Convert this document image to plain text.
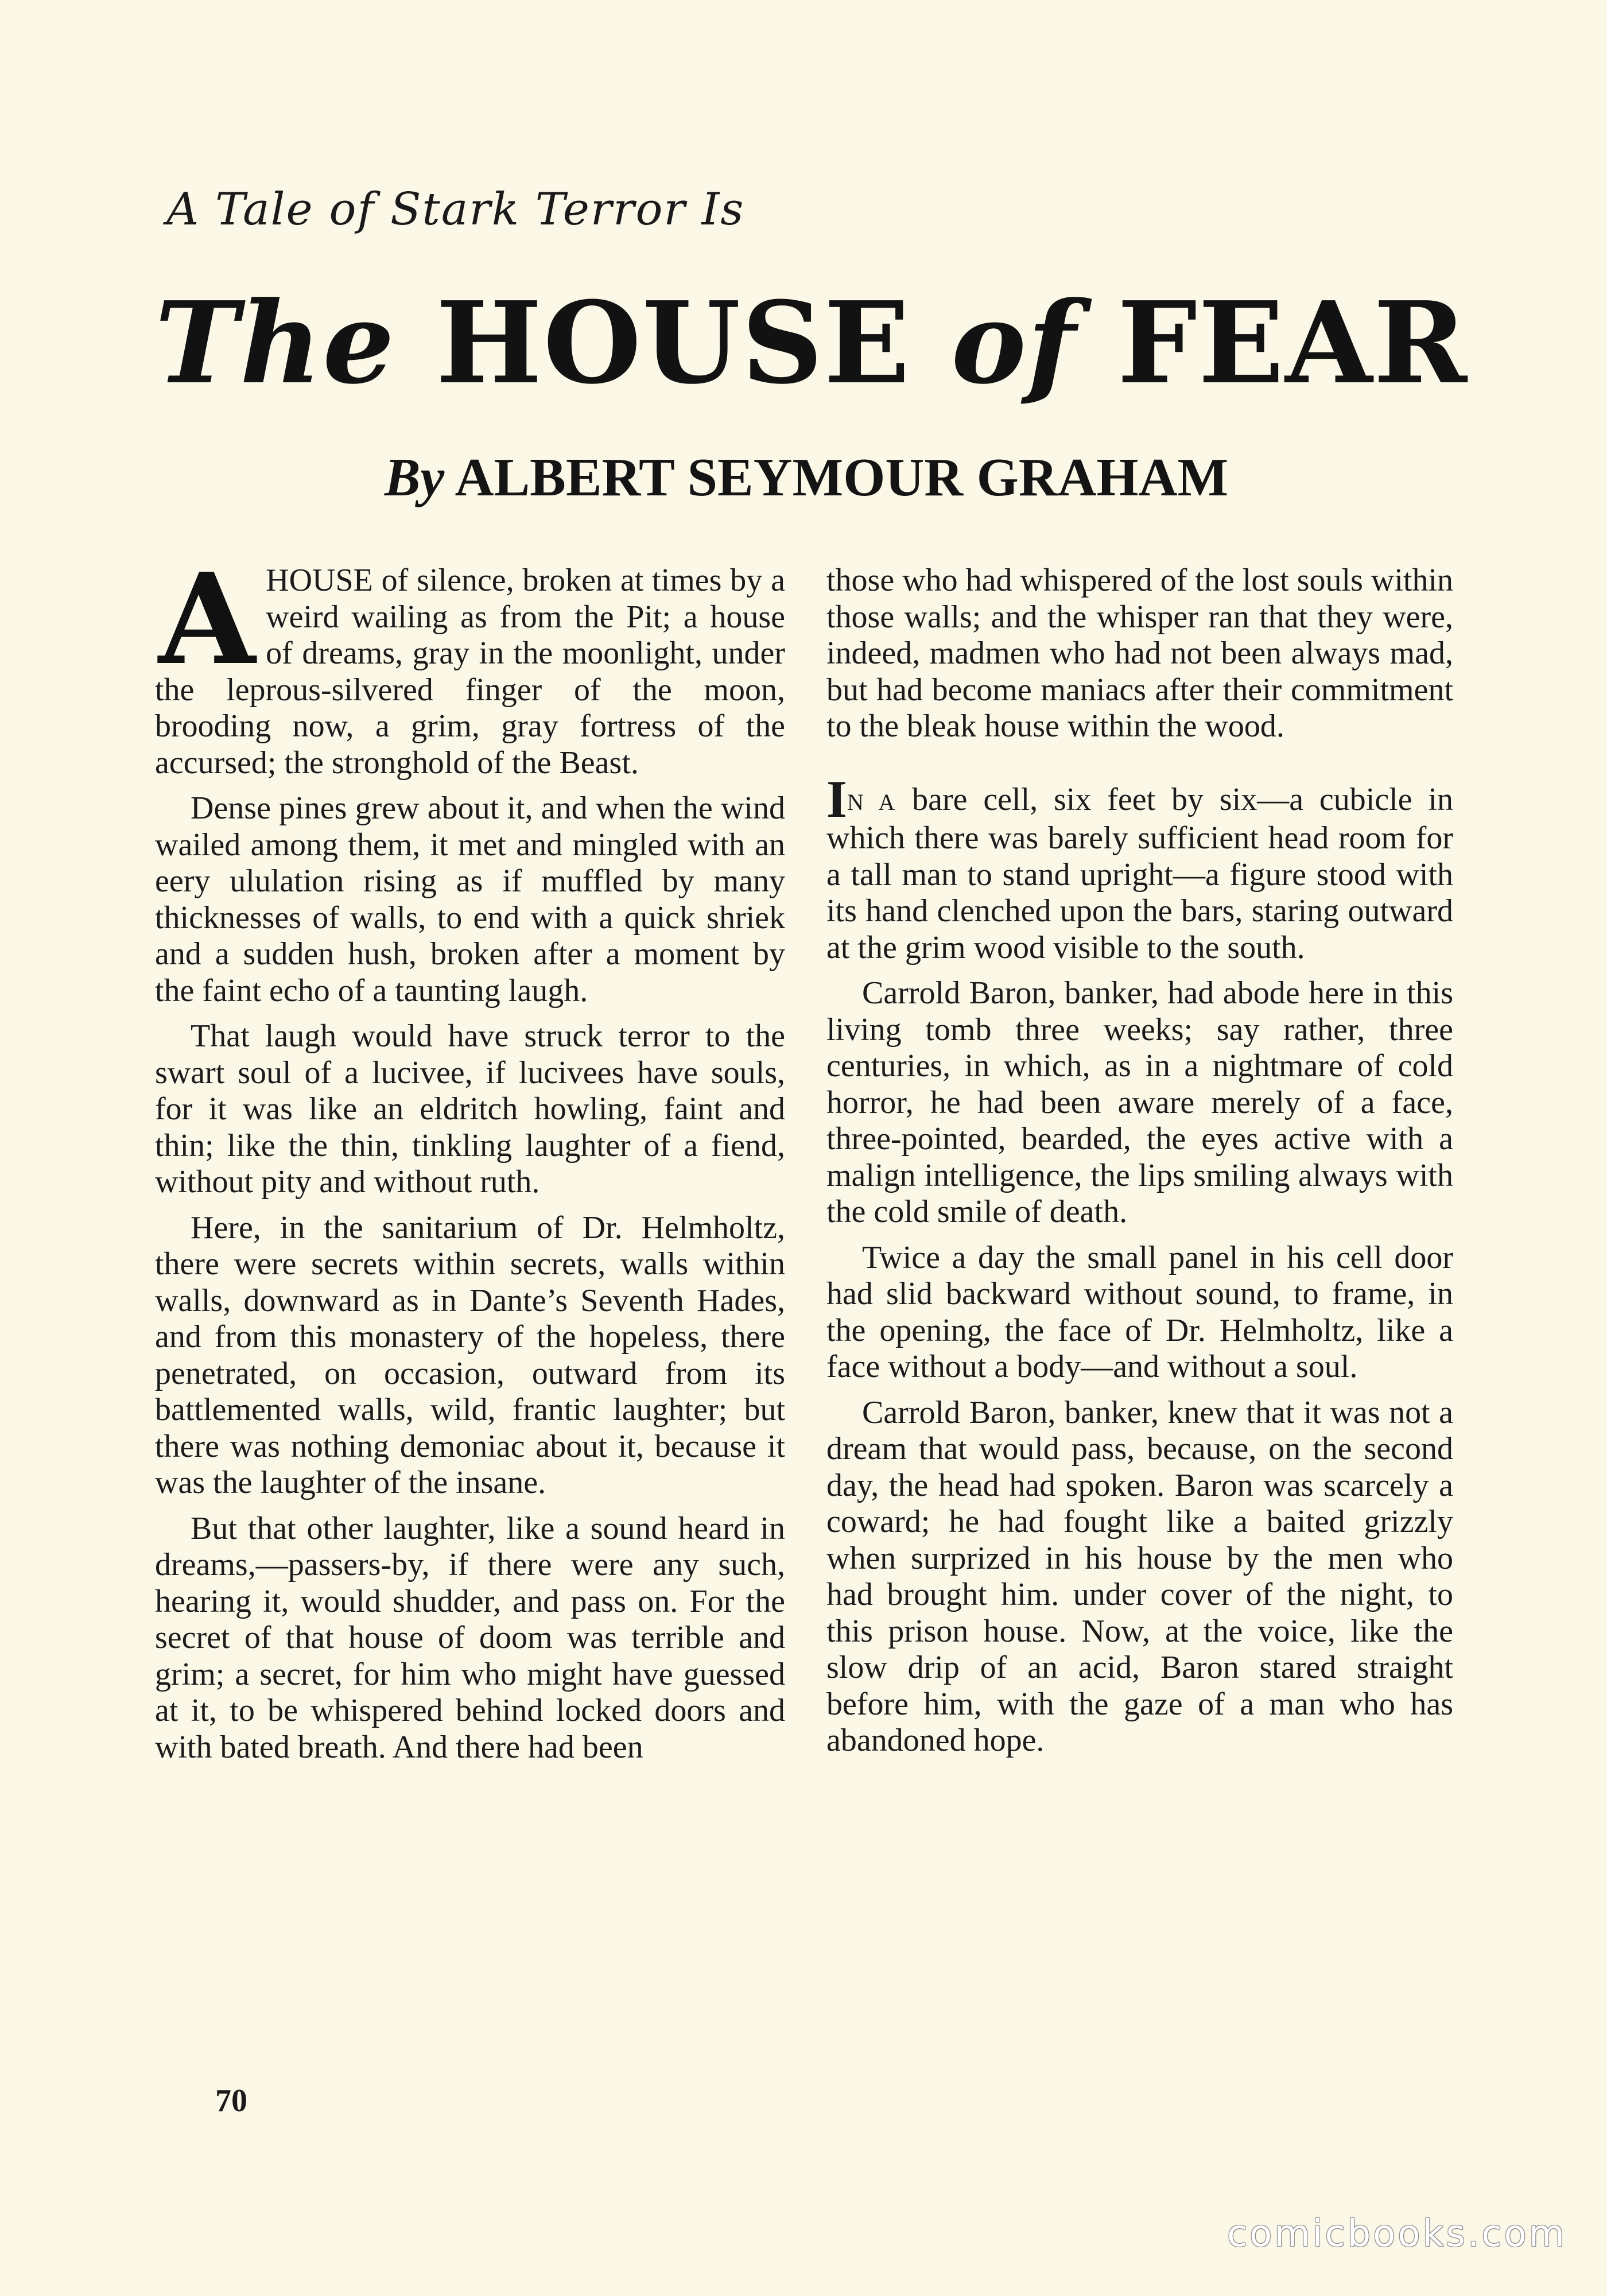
A Tale of Stark Terror Is
The HOUSE of FEAR
By ALBERT SEYMOUR GRAHAM

AHOUSE of silence, broken at times by a weird wailing as from the Pit; a house of dreams, gray in the moonlight, under the leprous-silvered finger of the moon, brooding now, a grim, gray fortress of the accursed; the stronghold of the Beast.

Dense pines grew about it, and when the wind wailed among them, it met and mingled with an eery ululation rising as if muffled by many thicknesses of walls, to end with a quick shriek and a sudden hush, broken after a moment by the faint echo of a taunting laugh.

That laugh would have struck terror to the swart soul of a lucivee, if lucivees have souls, for it was like an eldritch howling, faint and thin; like the thin, tinkling laughter of a fiend, without pity and without ruth.

Here, in the sanitarium of Dr. Helmholtz, there were secrets within secrets, walls within walls, downward as in Dante’s Seventh Hades, and from this monastery of the hopeless, there penetrated, on occasion, outward from its battlemented walls, wild, frantic laughter; but there was nothing demoniac about it, because it was the laughter of the insane.

But that other laughter, like a sound heard in dreams,—passers-by, if there were any such, hearing it, would shudder, and pass on. For the secret of that house of doom was terrible and grim; a secret, for him who might have guessed at it, to be whispered behind locked doors and with bated breath. And there had been

those who had whispered of the lost souls within those walls; and the whisper ran that they were, indeed, madmen who had not been always mad, but had become maniacs after their commitment to the bleak house within the wood.

IN A bare cell, six feet by six—a cubicle in which there was barely sufficient head room for a tall man to stand upright—a figure stood with its hand clenched upon the bars, staring outward at the grim wood visible to the south.

Carrold Baron, banker, had abode here in this living tomb three weeks; say rather, three centuries, in which, as in a nightmare of cold horror, he had been aware merely of a face, three-pointed, bearded, the eyes active with a malign intelligence, the lips smiling always with the cold smile of death.

Twice a day the small panel in his cell door had slid backward without sound, to frame, in the opening, the face of Dr. Helmholtz, like a face without a body—and without a soul.

Carrold Baron, banker, knew that it was not a dream that would pass, because, on the second day, the head had spoken. Baron was scarcely a coward; he had fought like a baited grizzly when surprized in his house by the men who had brought him. under cover of the night, to this prison house. Now, at the voice, like the slow drip of an acid, Baron stared straight before him, with the gaze of a man who has abandoned hope.

70
comicbooks.com
